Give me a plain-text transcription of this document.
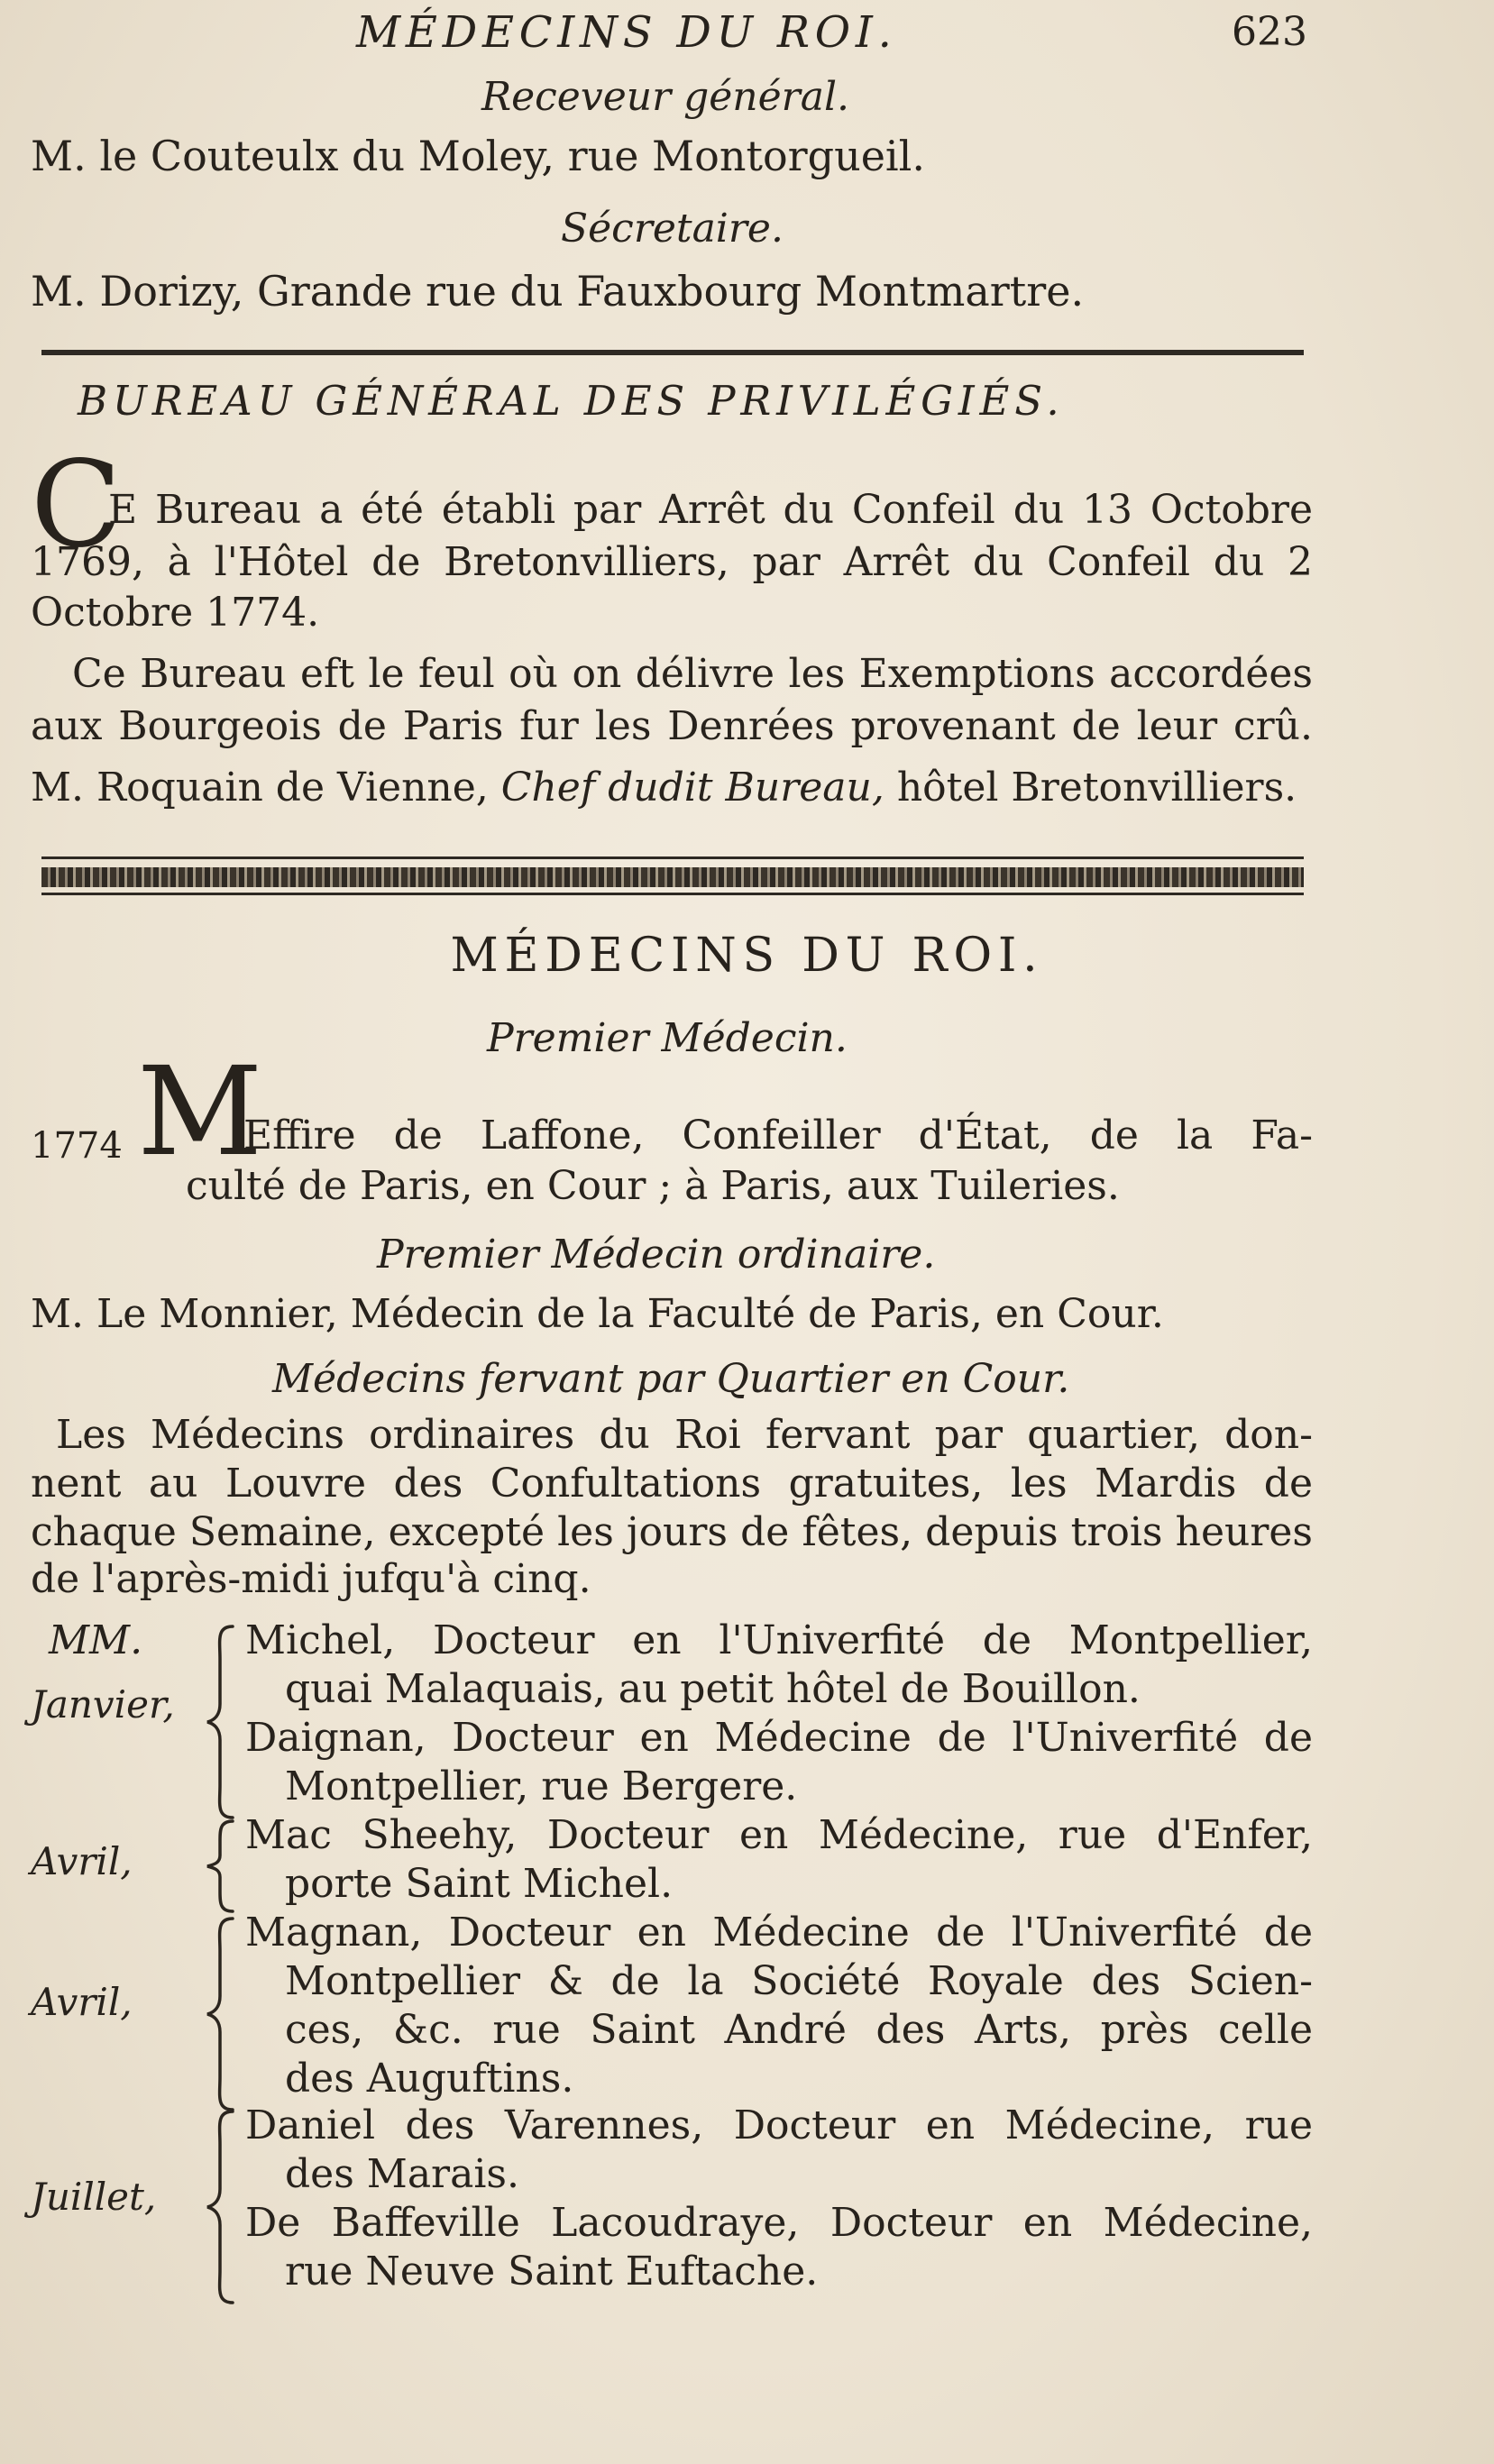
MÉDECINS DU ROI.	623
Receveur général.
M. le Couteulx du Moley, rue Montorgueil.
Sécretaire.
M. Dorizy, Grande rue du Fauxbourg Montmartre.
BUREAU GÉNÉRAL DES PRIVILÉGIÉS.
C
E Bureau a été établi par Arrêt du Confeil du 13 Octobre
1769, à l'Hôtel de Bretonvilliers, par Arrêt du Confeil du 2
Octobre 1774.
Ce Bureau eft le feul où on délivre les Exemptions accordées
aux Bourgeois de Paris fur les Denrées provenant de leur crû.
M. Roquain de Vienne, Chef dudit Bureau, hôtel Bretonvilliers.
MÉDECINS DU ROI.
Premier Médecin.
1774 M
Effire de Laffone, Confeiller d'État, de la Fa-
culté de Paris, en Cour ; à Paris, aux Tuileries.
Premier Médecin ordinaire.
M. Le Monnier, Médecin de la Faculté de Paris, en Cour.
Médecins fervant par Quartier en Cour.
Les Médecins ordinaires du Roi fervant par quartier, don-
nent au Louvre des Confultations gratuites, les Mardis de
chaque Semaine, excepté les jours de fêtes, depuis trois heures
de l'après-midi jufqu'à cinq.
MM.
Janvier,
Michel, Docteur en l'Univerfité de Montpellier,
quai Malaquais, au petit hôtel de Bouillon.
Daignan, Docteur en Médecine de l'Univerfité de
Montpellier, rue Bergere.
Avril,
Mac Sheehy, Docteur en Médecine, rue d'Enfer,
porte Saint Michel.
Avril,
Magnan, Docteur en Médecine de l'Univerfité de
Montpellier & de la Société Royale des Scien-
ces, &c. rue Saint André des Arts, près celle
des Auguftins.
Juillet,
Daniel des Varennes, Docteur en Médecine, rue
des Marais.
De Baffeville Lacoudraye, Docteur en Médecine,
rue Neuve Saint Euftache.
